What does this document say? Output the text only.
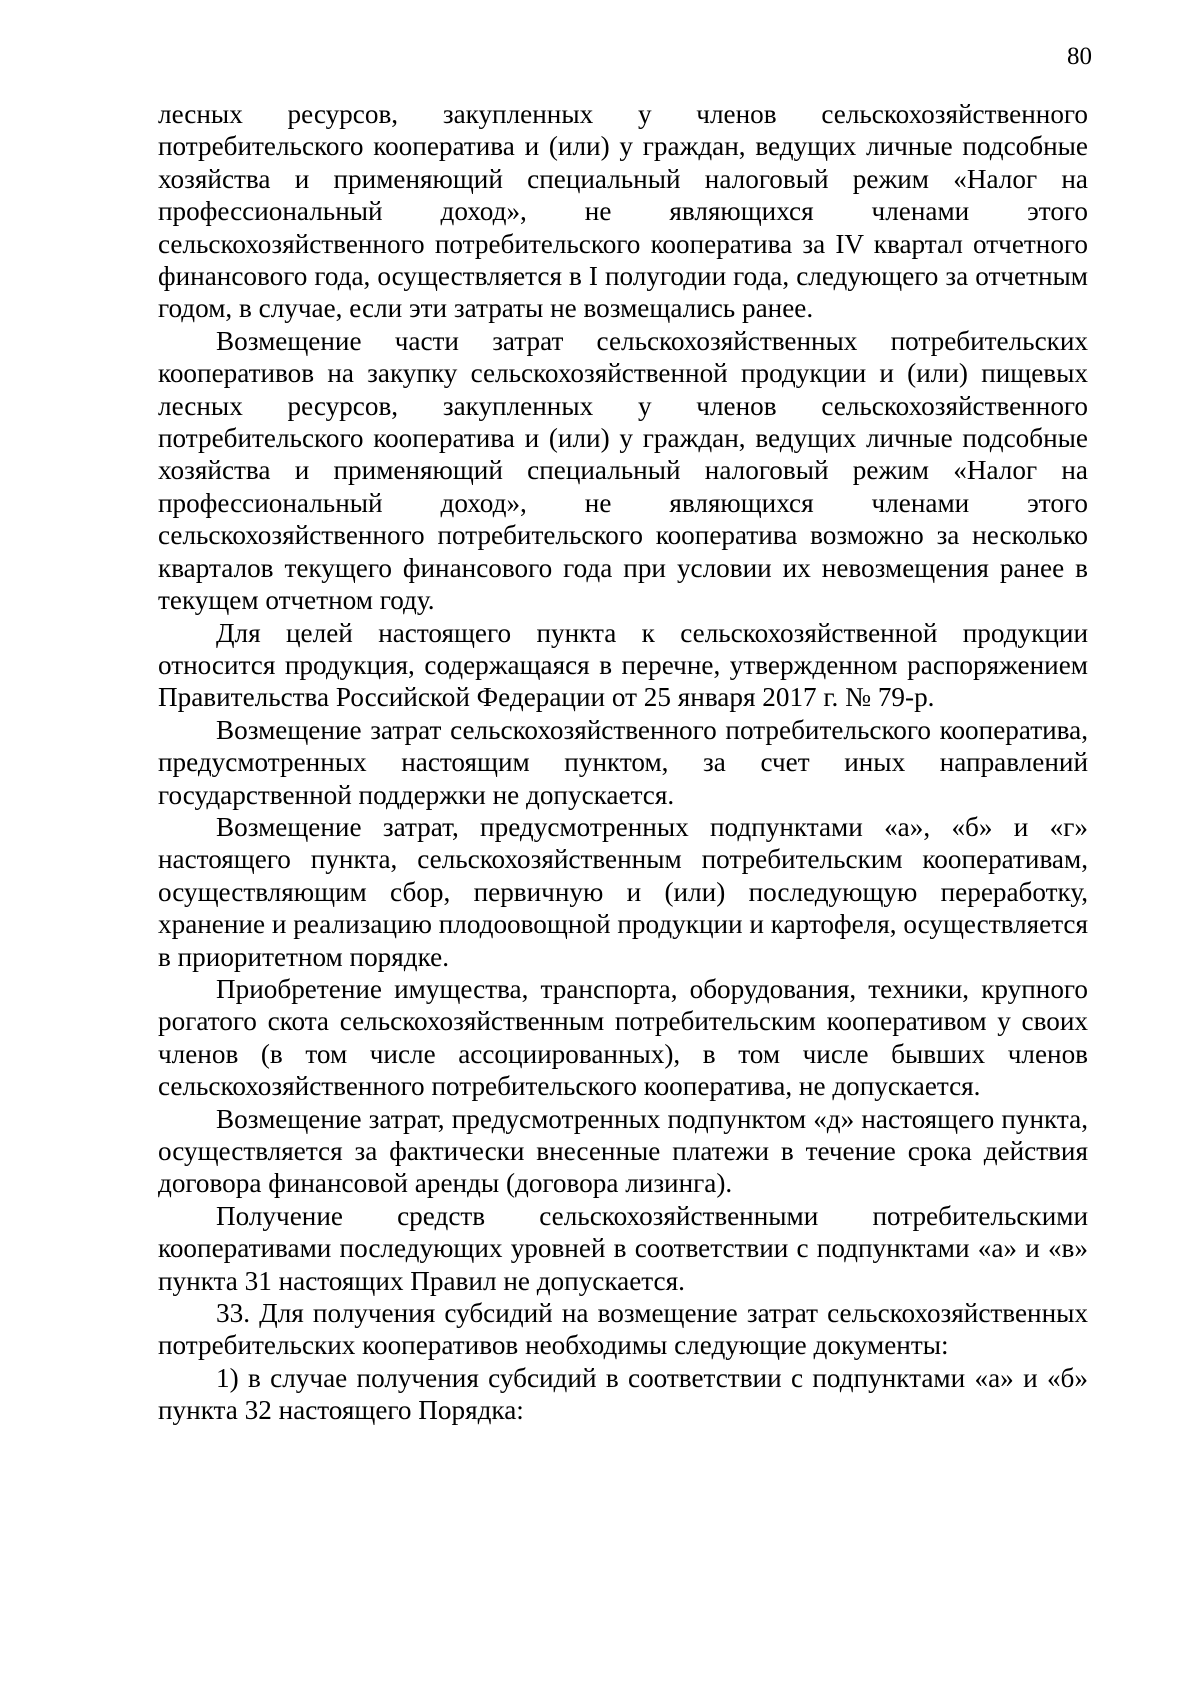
80

лесных ресурсов, закупленных у членов сельскохозяйственного потребительского кооператива и (или) у граждан, ведущих личные подсобные хозяйства и применяющий специальный налоговый режим «Налог на профессиональный доход», не являющихся членами этого сельскохозяйственного потребительского кооператива за IV квартал отчетного финансового года, осуществляется в I полугодии года, следующего за отчетным годом, в случае, если эти затраты не возмещались ранее.

Возмещение части затрат сельскохозяйственных потребительских кооперативов на закупку сельскохозяйственной продукции и (или) пищевых лесных ресурсов, закупленных у членов сельскохозяйственного потребительского кооператива и (или) у граждан, ведущих личные подсобные хозяйства и применяющий специальный налоговый режим «Налог на профессиональный доход», не являющихся членами этого сельскохозяйственного потребительского кооператива возможно за несколько кварталов текущего финансового года при условии их невозмещения ранее в текущем отчетном году.

Для целей настоящего пункта к сельскохозяйственной продукции относится продукция, содержащаяся в перечне, утвержденном распоряжением Правительства Российской Федерации от 25 января 2017 г. № 79-р.

Возмещение затрат сельскохозяйственного потребительского кооператива, предусмотренных настоящим пунктом, за счет иных направлений государственной поддержки не допускается.

Возмещение затрат, предусмотренных подпунктами «а», «б» и «г» настоящего пункта, сельскохозяйственным потребительским кооперативам, осуществляющим сбор, первичную и (или) последующую переработку, хранение и реализацию плодоовощной продукции и картофеля, осуществляется в приоритетном порядке.

Приобретение имущества, транспорта, оборудования, техники, крупного рогатого скота сельскохозяйственным потребительским кооперативом у своих членов (в том числе ассоциированных), в том числе бывших членов сельскохозяйственного потребительского кооператива, не допускается.

Возмещение затрат, предусмотренных подпунктом «д» настоящего пункта, осуществляется за фактически внесенные платежи в течение срока действия договора финансовой аренды (договора лизинга).

Получение средств сельскохозяйственными потребительскими кооперативами последующих уровней в соответствии с подпунктами «а» и «в» пункта 31 настоящих Правил не допускается.

33. Для получения субсидий на возмещение затрат сельскохозяйственных потребительских кооперативов необходимы следующие документы:

1) в случае получения субсидий в соответствии с подпунктами «а» и «б» пункта 32 настоящего Порядка:
